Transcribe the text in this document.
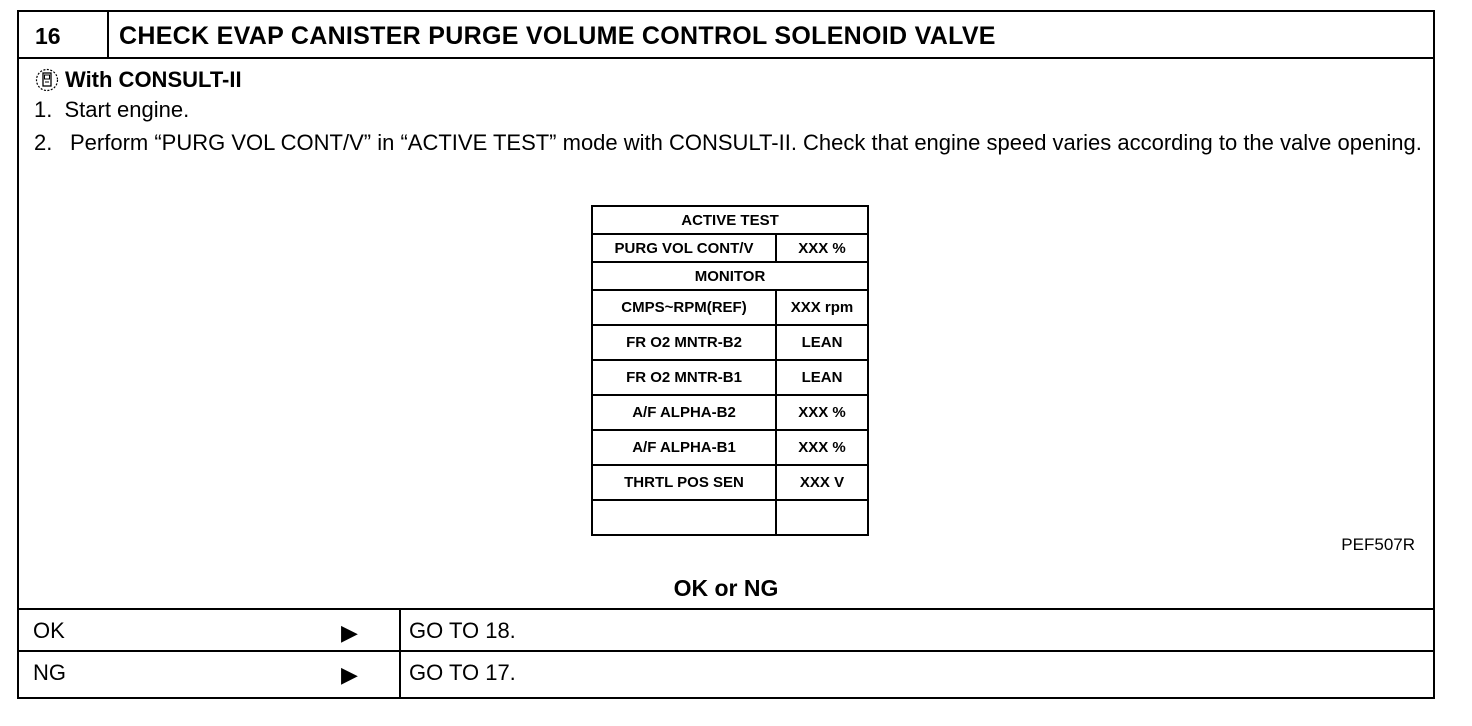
16	CHECK EVAP CANISTER PURGE VOLUME CONTROL SOLENOID VALVE
With CONSULT-II
1. Start engine.
2. Perform “PURG VOL CONT/V” in “ACTIVE TEST” mode with CONSULT-II. Check that engine speed varies according to the valve opening.
ACTIVE TEST	
PURG VOL CONT/V	XXX %
MONITOR	
CMPS~RPM(REF)	XXX rpm
FR O2 MNTR-B2	LEAN
FR O2 MNTR-B1	LEAN
A/F ALPHA-B2	XXX %
A/F ALPHA-B1	XXX %
THRTL POS SEN	XXX V

PEF507R
OK or NG
OK	▶ GO TO 18.
NG	▶ GO TO 17.
